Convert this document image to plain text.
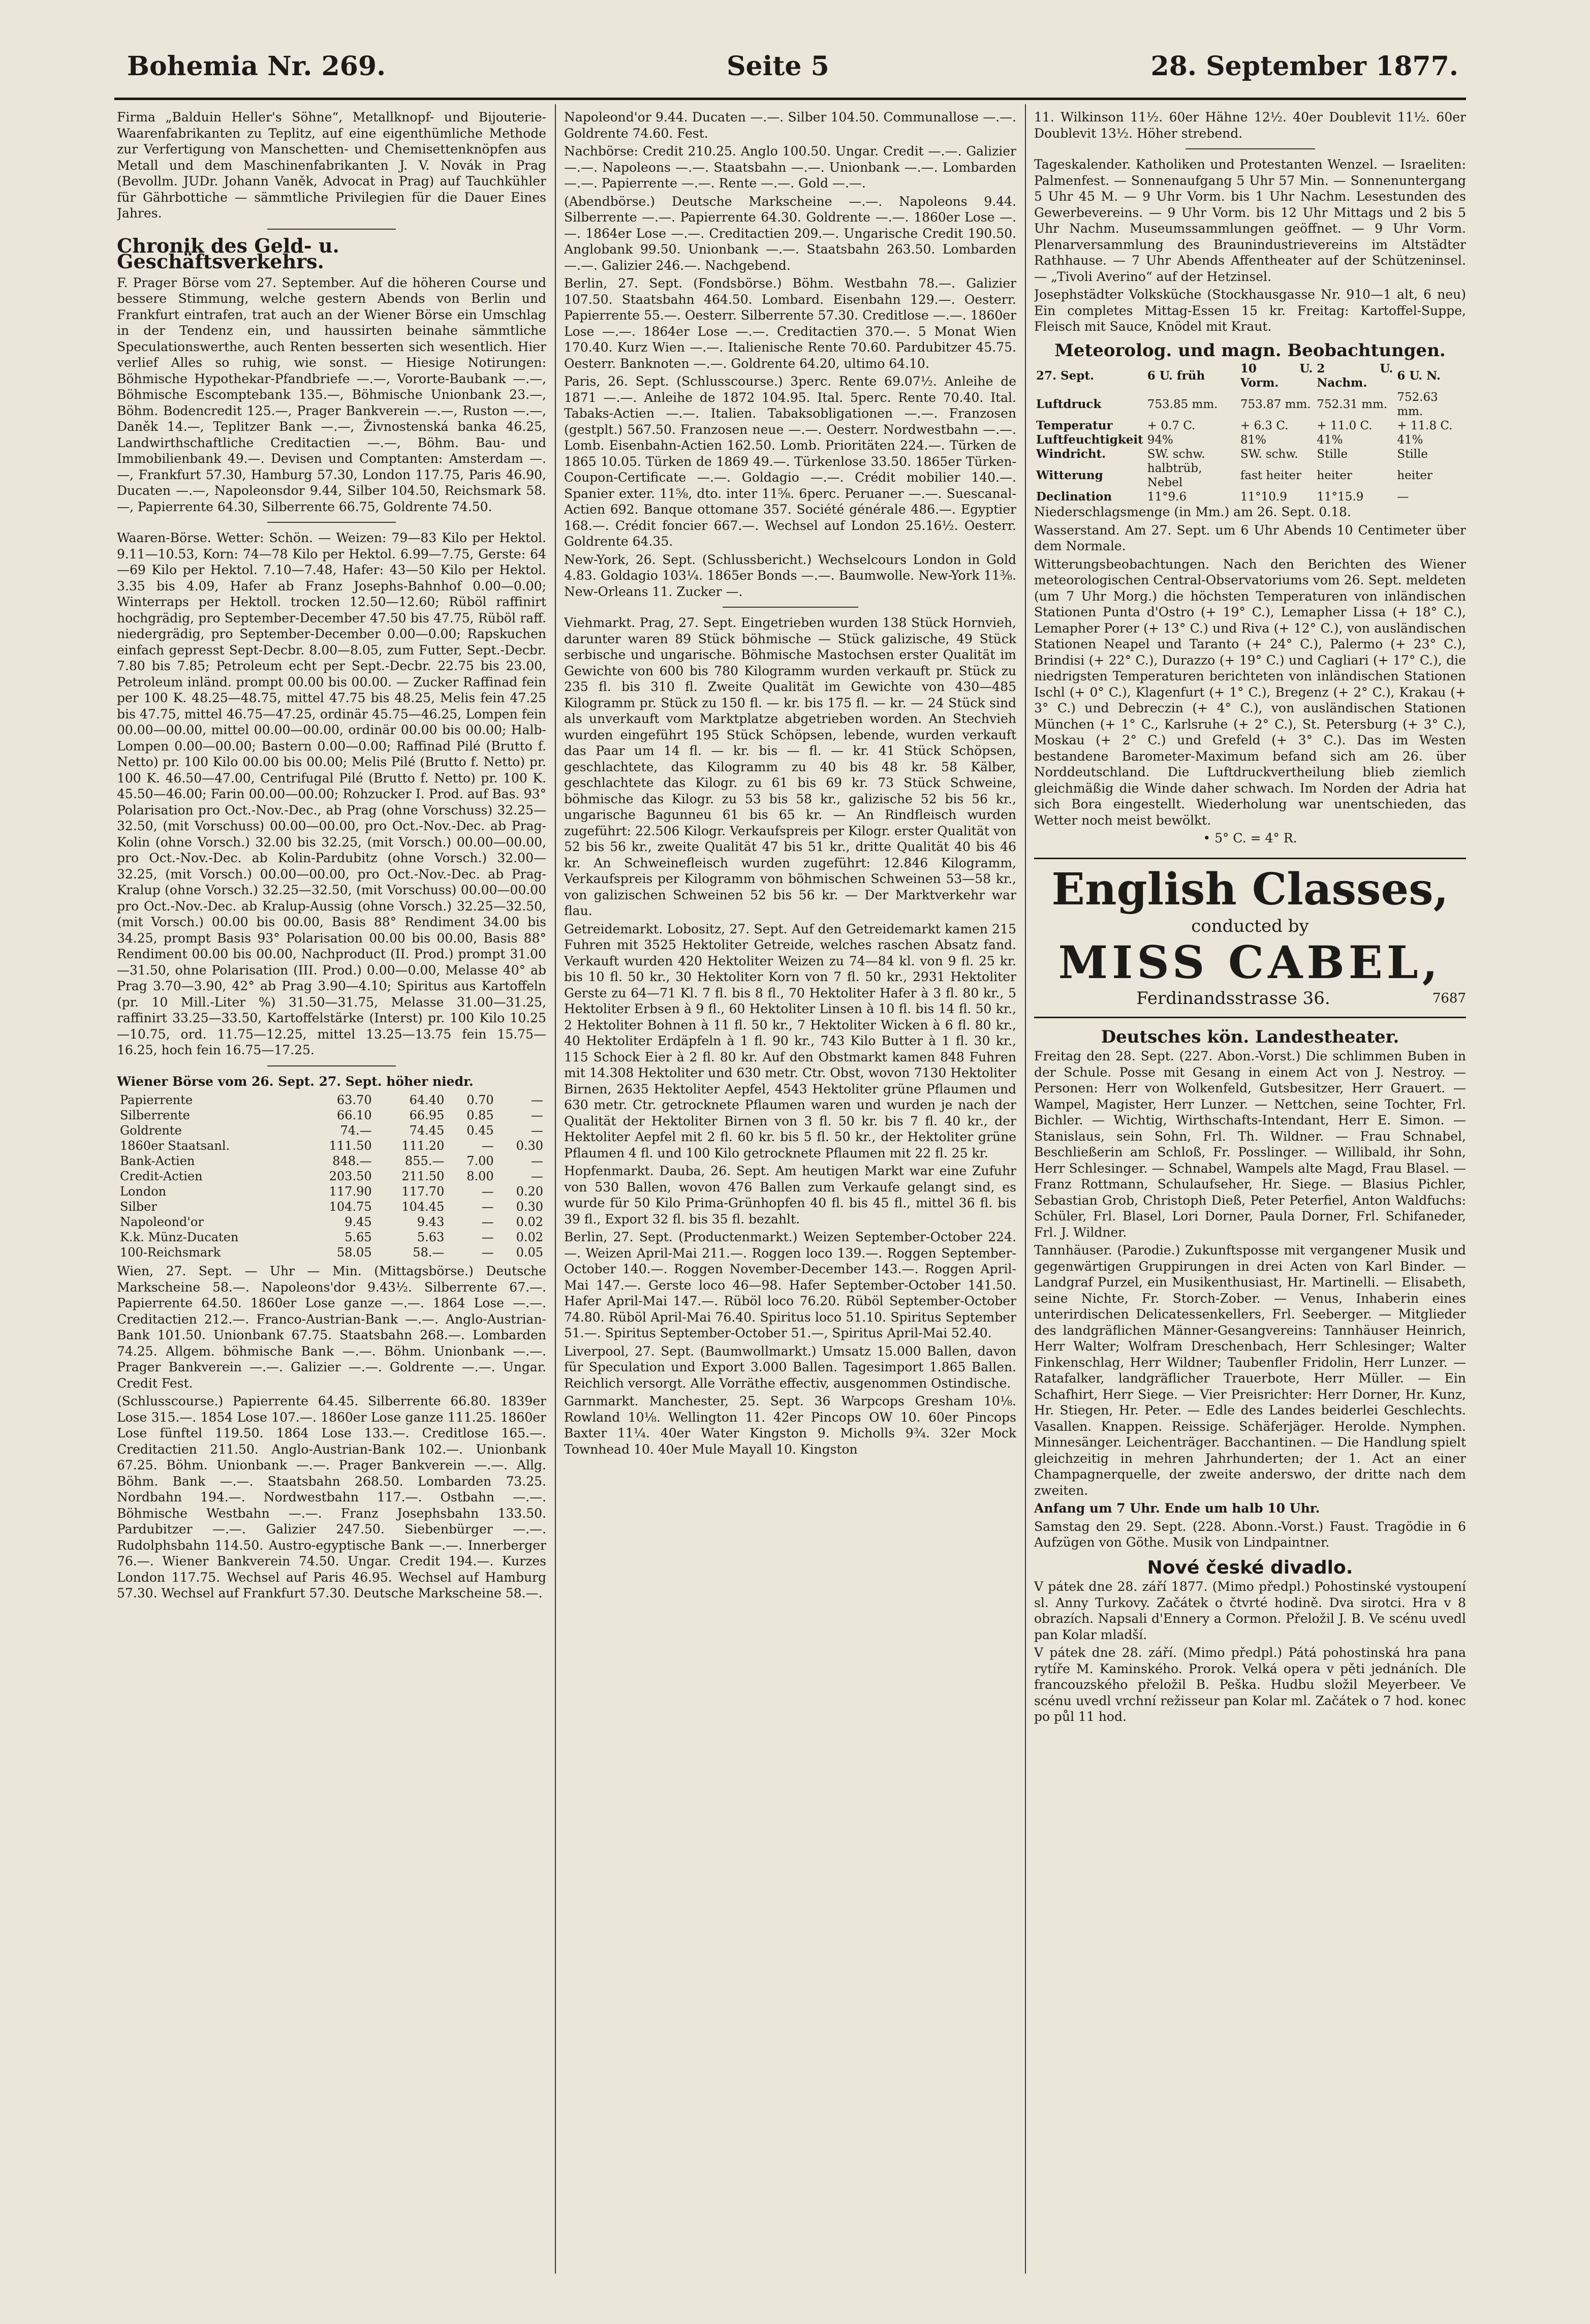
Bohemia Nr. 269.	Seite 5	28. September 1877.

Firma „Balduin Heller's Söhne“, Metallknopf- und Bijouterie-Waarenfabrikanten zu Teplitz, auf eine eigenthümliche Methode zur Verfertigung von Manschetten- und Chemisettenknöpfen aus Metall und dem Maschinenfabrikanten J. V. Novák in Prag (Bevollm. JUDr. Johann Vaněk, Advocat in Prag) auf Tauchkühler für Gährbottiche — sämmtliche Privilegien für die Dauer Eines Jahres.

Chronik des Geld- u. Geschäftsverkehrs.

F. Prager Börse vom 27. September. Auf die höheren Course und bessere Stimmung, welche gestern Abends von Berlin und Frankfurt eintrafen, trat auch an der Wiener Börse ein Umschlag in der Tendenz ein, und haussirten beinahe sämmtliche Speculationswerthe, auch Renten besserten sich wesentlich. Hier verlief Alles so ruhig, wie sonst. — Hiesige Notirungen: Böhmische Hypothekar-Pfandbriefe —.—, Vororte-Baubank —.—, Böhmische Escomptebank 135.—, Böhmische Unionbank 23.—, Böhm. Bodencredit 125.—, Prager Bankverein —.—, Ruston —.—, Daněk 14.—, Teplitzer Bank —.—, Živnostenská banka 46.25, Landwirthschaftliche Creditactien —.—, Böhm. Bau- und Immobilienbank 49.—. Devisen und Comptanten: Amsterdam —.—, Frankfurt 57.30, Hamburg 57.30, London 117.75, Paris 46.90, Ducaten —.—, Napoleonsdor 9.44, Silber 104.50, Reichsmark 58.—, Papierrente 64.30, Silberrente 66.75, Goldrente 74.50.

Waaren-Börse. Wetter: Schön. — Weizen: 79—83 Kilo per Hektol. 9.11—10.53, Korn: 74—78 Kilo per Hektol. 6.99—7.75, Gerste: 64—69 Kilo per Hektol. 7.10—7.48, Hafer: 43—50 Kilo per Hektol. 3.35 bis 4.09, Hafer ab Franz Josephs-Bahnhof 0.00—0.00; Winterraps per Hektoll. trocken 12.50—12.60; Rüböl raffinirt hochgrädig, pro September-December 47.50 bis 47.75, Rüböl raff. niedergrädig, pro September-December 0.00—0.00; Rapskuchen einfach gepresst Sept-Decbr. 8.00—8.05, zum Futter, Sept.-Decbr. 7.80 bis 7.85; Petroleum echt per Sept.-Decbr. 22.75 bis 23.00, Petroleum inländ. prompt 00.00 bis 00.00. — Zucker Raffinad fein per 100 K. 48.25—48.75, mittel 47.75 bis 48.25, Melis fein 47.25 bis 47.75, mittel 46.75—47.25, ordinär 45.75—46.25, Lompen fein 00.00—00.00, mittel 00.00—00.00, ordinär 00.00 bis 00.00; Halb-Lompen 0.00—00.00; Bastern 0.00—0.00; Raffinad Pilé (Brutto f. Netto) pr. 100 Kilo 00.00 bis 00.00; Melis Pilé (Brutto f. Netto) pr. 100 K. 46.50—47.00, Centrifugal Pilé (Brutto f. Netto) pr. 100 K. 45.50—46.00; Farin 00.00—00.00; Rohzucker I. Prod. auf Bas. 93° Polarisation pro Oct.-Nov.-Dec., ab Prag (ohne Vorschuss) 32.25—32.50, (mit Vorschuss) 00.00—00.00, pro Oct.-Nov.-Dec. ab Prag-Kolin (ohne Vorsch.) 32.00 bis 32.25, (mit Vorsch.) 00.00—00.00, pro Oct.-Nov.-Dec. ab Kolin-Pardubitz (ohne Vorsch.) 32.00—32.25, (mit Vorsch.) 00.00—00.00, pro Oct.-Nov.-Dec. ab Prag-Kralup (ohne Vorsch.) 32.25—32.50, (mit Vorschuss) 00.00—00.00 pro Oct.-Nov.-Dec. ab Kralup-Aussig (ohne Vorsch.) 32.25—32.50, (mit Vorsch.) 00.00 bis 00.00, Basis 88° Rendiment 34.00 bis 34.25, prompt Basis 93° Polarisation 00.00 bis 00.00, Basis 88° Rendiment 00.00 bis 00.00, Nachproduct (II. Prod.) prompt 31.00—31.50, ohne Polarisation (III. Prod.) 0.00—0.00, Melasse 40° ab Prag 3.70—3.90, 42° ab Prag 3.90—4.10; Spiritus aus Kartoffeln (pr. 10 Mill.-Liter %) 31.50—31.75, Melasse 31.00—31.25, raffinirt 33.25—33.50, Kartoffelstärke (Interst) pr. 100 Kilo 10.25—10.75, ord. 11.75—12.25, mittel 13.25—13.75 fein 15.75—16.25, hoch fein 16.75—17.25.

Wiener Börse vom 26. Sept. 27. Sept. höher niedr.

Papierrente	63.70	64.40	0.70	—
Silberrente	66.10	66.95	0.85	—
Goldrente	74.—	74.45	0.45	—
1860er Staatsanl.	111.50	111.20	—	0.30
Bank-Actien	848.—	855.—	7.00	—
Credit-Actien	203.50	211.50	8.00	—
London	117.90	117.70	—	0.20
Silber	104.75	104.45	—	0.30
Napoleond'or	9.45	9.43	—	0.02
K.k. Münz-Ducaten	5.65	5.63	—	0.02
100-Reichsmark	58.05	58.—	—	0.05

Wien, 27. Sept. — Uhr — Min. (Mittagsbörse.) Deutsche Markscheine 58.—. Napoleons'dor 9.43½. Silberrente 67.—. Papierrente 64.50. 1860er Lose ganze —.—. 1864 Lose —.—. Creditactien 212.—. Franco-Austrian-Bank —.—. Anglo-Austrian-Bank 101.50. Unionbank 67.75. Staatsbahn 268.—. Lombarden 74.25. Allgem. böhmische Bank —.—. Böhm. Unionbank —.—. Prager Bankverein —.—. Galizier —.—. Goldrente —.—. Ungar. Credit Fest.

(Schlusscourse.) Papierrente 64.45. Silberrente 66.80. 1839er Lose 315.—. 1854 Lose 107.—. 1860er Lose ganze 111.25. 1860er Lose fünftel 119.50. 1864 Lose 133.—. Creditlose 165.—. Creditactien 211.50. Anglo-Austrian-Bank 102.—. Unionbank 67.25. Böhm. Unionbank —.—. Prager Bankverein —.—. Allg. Böhm. Bank —.—. Staatsbahn 268.50. Lombarden 73.25. Nordbahn 194.—. Nordwestbahn 117.—. Ostbahn —.—. Böhmische Westbahn —.—. Franz Josephsbahn 133.50. Pardubitzer —.—. Galizier 247.50. Siebenbürger —.—. Rudolphsbahn 114.50. Austro-egyptische Bank —.—. Innerberger 76.—. Wiener Bankverein 74.50. Ungar. Credit 194.—. Kurzes London 117.75. Wechsel auf Paris 46.95. Wechsel auf Hamburg 57.30. Wechsel auf Frankfurt 57.30. Deutsche Markscheine 58.—.

Napoleond'or 9.44. Ducaten —.—. Silber 104.50. Communallose —.—. Goldrente 74.60. Fest.

Nachbörse: Credit 210.25. Anglo 100.50. Ungar. Credit —.—. Galizier —.—. Napoleons —.—. Staatsbahn —.—. Unionbank —.—. Lombarden —.—. Papierrente —.—. Rente —.—. Gold —.—.

(Abendbörse.) Deutsche Markscheine —.—. Napoleons 9.44. Silberrente —.—. Papierrente 64.30. Goldrente —.—. 1860er Lose —.—. 1864er Lose —.—. Creditactien 209.—. Ungarische Credit 190.50. Anglobank 99.50. Unionbank —.—. Staatsbahn 263.50. Lombarden —.—. Galizier 246.—. Nachgebend.

Berlin, 27. Sept. (Fondsbörse.) Böhm. Westbahn 78.—. Galizier 107.50. Staatsbahn 464.50. Lombard. Eisenbahn 129.—. Oesterr. Papierrente 55.—. Oesterr. Silberrente 57.30. Creditlose —.—. 1860er Lose —.—. 1864er Lose —.—. Creditactien 370.—. 5 Monat Wien 170.40. Kurz Wien —.—. Italienische Rente 70.60. Pardubitzer 45.75. Oesterr. Banknoten —.—. Goldrente 64.20, ultimo 64.10.

Paris, 26. Sept. (Schlusscourse.) 3perc. Rente 69.07½. Anleihe de 1871 —.—. Anleihe de 1872 104.95. Ital. 5perc. Rente 70.40. Ital. Tabaks-Actien —.—. Italien. Tabaksobligationen —.—. Franzosen (gestplt.) 567.50. Franzosen neue —.—. Oesterr. Nordwestbahn —.—. Lomb. Eisenbahn-Actien 162.50. Lomb. Prioritäten 224.—. Türken de 1865 10.05. Türken de 1869 49.—. Türkenlose 33.50. 1865er Türken-Coupon-Certificate —.—. Goldagio —.—. Crédit mobilier 140.—. Spanier exter. 11⅝, dto. inter 11⅝. 6perc. Peruaner —.—. Suescanal-Actien 692. Banque ottomane 357. Société générale 486.—. Egyptier 168.—. Crédit foncier 667.—. Wechsel auf London 25.16½. Oesterr. Goldrente 64.35.

New-York, 26. Sept. (Schlussbericht.) Wechselcours London in Gold 4.83. Goldagio 103¼. 1865er Bonds —.—. Baumwolle. New-York 11⅜. New-Orleans 11. Zucker —.

Viehmarkt. Prag, 27. Sept. Eingetrieben wurden 138 Stück Hornvieh, darunter waren 89 Stück böhmische — Stück galizische, 49 Stück serbische und ungarische. Böhmische Mastochsen erster Qualität im Gewichte von 600 bis 780 Kilogramm wurden verkauft pr. Stück zu 235 fl. bis 310 fl. Zweite Qualität im Gewichte von 430—485 Kilogramm pr. Stück zu 150 fl. — kr. bis 175 fl. — kr. — 24 Stück sind als unverkauft vom Marktplatze abgetrieben worden. An Stechvieh wurden eingeführt 195 Stück Schöpsen, lebende, wurden verkauft das Paar um 14 fl. — kr. bis — fl. — kr. 41 Stück Schöpsen, geschlachtete, das Kilogramm zu 40 bis 48 kr. 58 Kälber, geschlachtete das Kilogr. zu 61 bis 69 kr. 73 Stück Schweine, böhmische das Kilogr. zu 53 bis 58 kr., galizische 52 bis 56 kr., ungarische Bagunneu 61 bis 65 kr. — An Rindfleisch wurden zugeführt: 22.506 Kilogr. Verkaufspreis per Kilogr. erster Qualität von 52 bis 56 kr., zweite Qualität 47 bis 51 kr., dritte Qualität 40 bis 46 kr. An Schweinefleisch wurden zugeführt: 12.846 Kilogramm, Verkaufspreis per Kilogramm von böhmischen Schweinen 53—58 kr., von galizischen Schweinen 52 bis 56 kr. — Der Marktverkehr war flau.

Getreidemarkt. Lobositz, 27. Sept. Auf den Getreidemarkt kamen 215 Fuhren mit 3525 Hektoliter Getreide, welches raschen Absatz fand. Verkauft wurden 420 Hektoliter Weizen zu 74—84 kl. von 9 fl. 25 kr. bis 10 fl. 50 kr., 30 Hektoliter Korn von 7 fl. 50 kr., 2931 Hektoliter Gerste zu 64—71 Kl. 7 fl. bis 8 fl., 70 Hektoliter Hafer à 3 fl. 80 kr., 5 Hektoliter Erbsen à 9 fl., 60 Hektoliter Linsen à 10 fl. bis 14 fl. 50 kr., 2 Hektoliter Bohnen à 11 fl. 50 kr., 7 Hektoliter Wicken à 6 fl. 80 kr., 40 Hektoliter Erdäpfeln à 1 fl. 90 kr., 743 Kilo Butter à 1 fl. 30 kr., 115 Schock Eier à 2 fl. 80 kr. Auf den Obstmarkt kamen 848 Fuhren mit 14.308 Hektoliter und 630 metr. Ctr. Obst, wovon 7130 Hektoliter Birnen, 2635 Hektoliter Aepfel, 4543 Hektoliter grüne Pflaumen und 630 metr. Ctr. getrocknete Pflaumen waren und wurden je nach der Qualität der Hektoliter Birnen von 3 fl. 50 kr. bis 7 fl. 40 kr., der Hektoliter Aepfel mit 2 fl. 60 kr. bis 5 fl. 50 kr., der Hektoliter grüne Pflaumen 4 fl. und 100 Kilo getrocknete Pflaumen mit 22 fl. 25 kr.

Hopfenmarkt. Dauba, 26. Sept. Am heutigen Markt war eine Zufuhr von 530 Ballen, wovon 476 Ballen zum Verkaufe gelangt sind, es wurde für 50 Kilo Prima-Grünhopfen 40 fl. bis 45 fl., mittel 36 fl. bis 39 fl., Export 32 fl. bis 35 fl. bezahlt.

Berlin, 27. Sept. (Productenmarkt.) Weizen September-October 224.—. Weizen April-Mai 211.—. Roggen loco 139.—. Roggen September-October 140.—. Roggen November-December 143.—. Roggen April-Mai 147.—. Gerste loco 46—98. Hafer September-October 141.50. Hafer April-Mai 147.—. Rüböl loco 76.20. Rüböl September-October 74.80. Rüböl April-Mai 76.40. Spiritus loco 51.10. Spiritus September 51.—. Spiritus September-October 51.—, Spiritus April-Mai 52.40.

Liverpool, 27. Sept. (Baumwollmarkt.) Umsatz 15.000 Ballen, davon für Speculation und Export 3.000 Ballen. Tagesimport 1.865 Ballen. Reichlich versorgt. Alle Vorräthe effectiv, ausgenommen Ostindische.

Garnmarkt. Manchester, 25. Sept. 36 Warpcops Gresham 10⅛. Rowland 10⅛. Wellington 11. 42er Pincops OW 10. 60er Pincops Baxter 11¼. 40er Water Kingston 9. Micholls 9¾. 32er Mock Townhead 10. 40er Mule Mayall 10. Kingston

11. Wilkinson 11½. 60er Hähne 12½. 40er Doublevit 11½. 60er Doublevit 13½. Höher strebend.

Tageskalender. Katholiken und Protestanten Wenzel. — Israeliten: Palmenfest. — Sonnenaufgang 5 Uhr 57 Min. — Sonnenuntergang 5 Uhr 45 M. — 9 Uhr Vorm. bis 1 Uhr Nachm. Lesestunden des Gewerbevereins. — 9 Uhr Vorm. bis 12 Uhr Mittags und 2 bis 5 Uhr Nachm. Museumssammlungen geöffnet. — 9 Uhr Vorm. Plenarversammlung des Braunindustrievereins im Altstädter Rathhause. — 7 Uhr Abends Affentheater auf der Schützeninsel. — „Tivoli Averino“ auf der Hetzinsel.

Josephstädter Volksküche (Stockhausgasse Nr. 910—1 alt, 6 neu) Ein completes Mittag-Essen 15 kr. Freitag: Kartoffel-Suppe, Fleisch mit Sauce, Knödel mit Kraut.

Meteorolog. und magn. Beobachtungen.
27. Sept.	6 U. früh	10 U. Vorm.	2 U. Nachm.	6 U. N.
Luftdruck	753.85 mm.	753.87 mm.	752.31 mm.	752.63 mm.
Temperatur	+ 0.7 C.	+ 6.3 C.	+ 11.0 C.	+ 11.8 C.
Luftfeuchtigkeit	94%	81%	41%	41%
Windricht.	SW. schw.	SW. schw.	Stille	Stille
Witterung	halbtrüb, Nebel	fast heiter	heiter	heiter
Declination	11°9.6	11°10.9	11°15.9	—

Niederschlagsmenge (in Mm.) am 26. Sept. 0.18.

Wasserstand. Am 27. Sept. um 6 Uhr Abends 10 Centimeter über dem Normale.

Witterungsbeobachtungen. Nach den Berichten des Wiener meteorologischen Central-Observatoriums vom 26. Sept. meldeten (um 7 Uhr Morg.) die höchsten Temperaturen von inländischen Stationen Punta d'Ostro (+ 19° C.), Lemapher Lissa (+ 18° C.), Lemapher Porer (+ 13° C.) und Riva (+ 12° C.), von ausländischen Stationen Neapel und Taranto (+ 24° C.), Palermo (+ 23° C.), Brindisi (+ 22° C.), Durazzo (+ 19° C.) und Cagliari (+ 17° C.), die niedrigsten Temperaturen berichteten von inländischen Stationen Ischl (+ 0° C.), Klagenfurt (+ 1° C.), Bregenz (+ 2° C.), Krakau (+ 3° C.) und Debreczin (+ 4° C.), von ausländischen Stationen München (+ 1° C., Karlsruhe (+ 2° C.), St. Petersburg (+ 3° C.), Moskau (+ 2° C.) und Grefeld (+ 3° C.). Das im Westen bestandene Barometer-Maximum befand sich am 26. über Norddeutschland. Die Luftdruckvertheilung blieb ziemlich gleichmäßig die Winde daher schwach. Im Norden der Adria hat sich Bora eingestellt. Wiederholung war unentschieden, das Wetter noch meist bewölkt.

• 5° C. = 4° R.

English Classes,
conducted by
MISS CABEL,
Ferdinandsstrasse 36.	7687
Deutsches kön. Landestheater.

Freitag den 28. Sept. (227. Abon.-Vorst.) Die schlimmen Buben in der Schule. Posse mit Gesang in einem Act von J. Nestroy. — Personen: Herr von Wolkenfeld, Gutsbesitzer, Herr Grauert. — Wampel, Magister, Herr Lunzer. — Nettchen, seine Tochter, Frl. Bichler. — Wichtig, Wirthschafts-Intendant, Herr E. Simon. — Stanislaus, sein Sohn, Frl. Th. Wildner. — Frau Schnabel, Beschließerin am Schloß, Fr. Posslinger. — Willibald, ihr Sohn, Herr Schlesinger. — Schnabel, Wampels alte Magd, Frau Blasel. — Franz Rottmann, Schulaufseher, Hr. Siege. — Blasius Pichler, Sebastian Grob, Christoph Dieß, Peter Peterfiel, Anton Waldfuchs: Schüler, Frl. Blasel, Lori Dorner, Paula Dorner, Frl. Schifaneder, Frl. J. Wildner.

Tannhäuser. (Parodie.) Zukunftsposse mit vergangener Musik und gegenwärtigen Gruppirungen in drei Acten von Karl Binder. — Landgraf Purzel, ein Musikenthusiast, Hr. Martinelli. — Elisabeth, seine Nichte, Fr. Storch-Zober. — Venus, Inhaberin eines unterirdischen Delicatessenkellers, Frl. Seeberger. — Mitglieder des landgräflichen Männer-Gesangvereins: Tannhäuser Heinrich, Herr Walter; Wolfram Dreschenbach, Herr Schlesinger; Walter Finkenschlag, Herr Wildner; Taubenfler Fridolin, Herr Lunzer. — Ratafalker, landgräflicher Trauerbote, Herr Müller. — Ein Schafhirt, Herr Siege. — Vier Preisrichter: Herr Dorner, Hr. Kunz, Hr. Stiegen, Hr. Peter. — Edle des Landes beiderlei Geschlechts. Vasallen. Knappen. Reissige. Schäferjäger. Herolde. Nymphen. Minnesänger. Leichenträger. Bacchantinen. — Die Handlung spielt gleichzeitig in mehren Jahrhunderten; der 1. Act an einer Champagnerquelle, der zweite anderswo, der dritte nach dem zweiten.

Anfang um 7 Uhr. Ende um halb 10 Uhr.

Samstag den 29. Sept. (228. Abonn.-Vorst.) Faust. Tragödie in 6 Aufzügen von Göthe. Musik von Lindpaintner.

Nové české divadlo.

V pátek dne 28. září 1877. (Mimo předpl.) Pohostinské vystoupení sl. Anny Turkovy. Začátek o čtvrté hodině. Dva sirotci. Hra v 8 obrazích. Napsali d'Ennery a Cormon. Přeložil J. B. Ve scénu uvedl pan Kolar mladší.

V pátek dne 28. září. (Mimo předpl.) Pátá pohostinská hra pana rytíře M. Kaminského. Prorok. Velká opera v pěti jednáních. Dle francouzského přeložil B. Peška. Hudbu složil Meyerbeer. Ve scénu uvedl vrchní režisseur pan Kolar ml. Začátek o 7 hod. konec po půl 11 hod.
